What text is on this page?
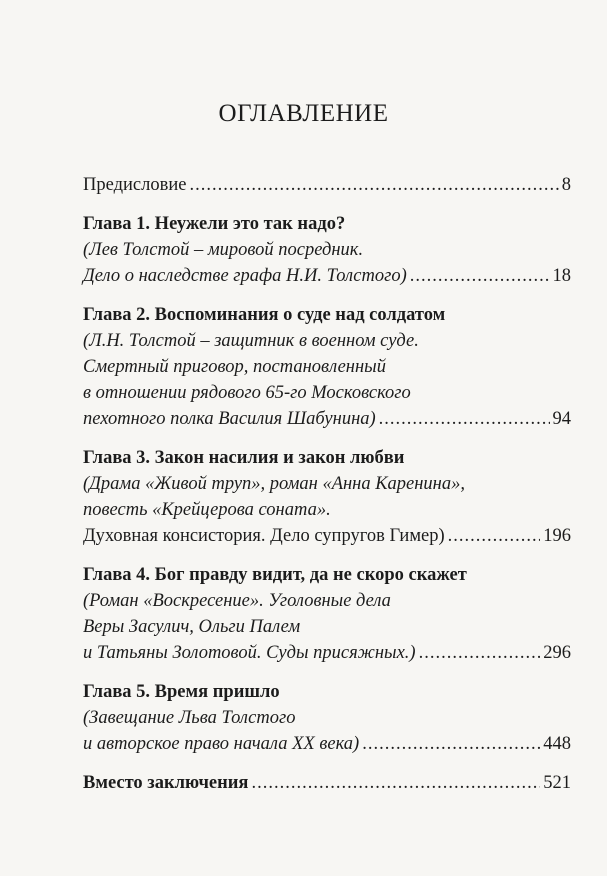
ОГЛАВЛЕНИЕ
Предисловие .....	8
Глава 1. Неужели это так надо?
(Лев Толстой – мировой посредник.
Дело о наследстве графа Н.И. Толстого) .....	18
Глава 2. Воспоминания о суде над солдатом
(Л.Н. Толстой – защитник в военном суде.
Смертный приговор, постановленный
в отношении рядового 65-го Московского
пехотного полка Василия Шабунина) .....	94
Глава 3. Закон насилия и закон любви
(Драма «Живой труп», роман «Анна Каренина»,
повесть «Крейцерова соната».
Духовная консистория. Дело супругов Гимер) .....	196
Глава 4. Бог правду видит, да не скоро скажет
(Роман «Воскресение». Уголовные дела
Веры Засулич, Ольги Палем
и Татьяны Золотовой. Суды присяжных.) .....	296
Глава 5. Время пришло
(Завещание Льва Толстого
и авторское право начала XX века) .....	448
Вместо заключения .....	521
